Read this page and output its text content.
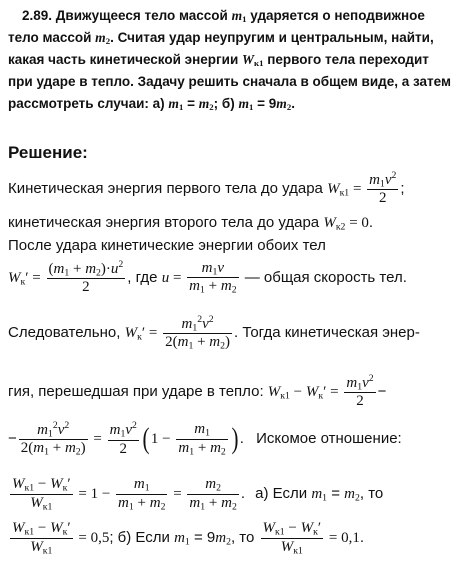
2.89. Движущееся тело массой $m_1$ ударяется о неподвижное
тело массой $m_2$. Считая удар неупругим и центральным, найти,
какая часть кинетической энергии $W_{к1}$ первого тела переходит
при ударе в тепло. Задачу решить сначала в общем виде, а затем
рассмотреть случаи: а) $m_1 = m_2$; б) $m_1 = 9m_2$.
Решение:
Кинетическая энергия первого тела до удара $W_{к1} = \frac{m_1v^2}{2}$ ;
кинетическая энергия второго тела до удара $W_{к2} = 0$.
После удара кинетические энергии обоих тел
$W_к' = \frac{(m_1 + m_2)\cdot u^2}{2}$ , где $u = \frac{m_1v}{m_1 + m_2}$ — общая скорость тел.
Следовательно, $W_к' = \frac{m_1^2v^2}{2(m_1 + m_2)}$ . Тогда кинетическая энер-
гия, перешедшая при ударе в тепло: $W_{к1} - W_к' = \frac{m_1v^2}{2}$ −
− $\frac{m_1^2v^2}{2(m_1 + m_2)} = \frac{m_1v^2}{2}$ ( $1 - \frac{m_1}{m_1 + m_2}$ ) . Искомое отношение:
$\frac{W_{к1} - W_к'}{W_{к1}} = 1 - \frac{m_1}{m_1 + m_2} = \frac{m_2}{m_1 + m_2}$ . а) Если $m_1 = m_2$, то
$\frac{W_{к1} - W_к'}{W_{к1}} = 0,5$; б) Если $m_1 = 9m_2$, то $\frac{W_{к1} - W_к'}{W_{к1}} = 0,1$.
